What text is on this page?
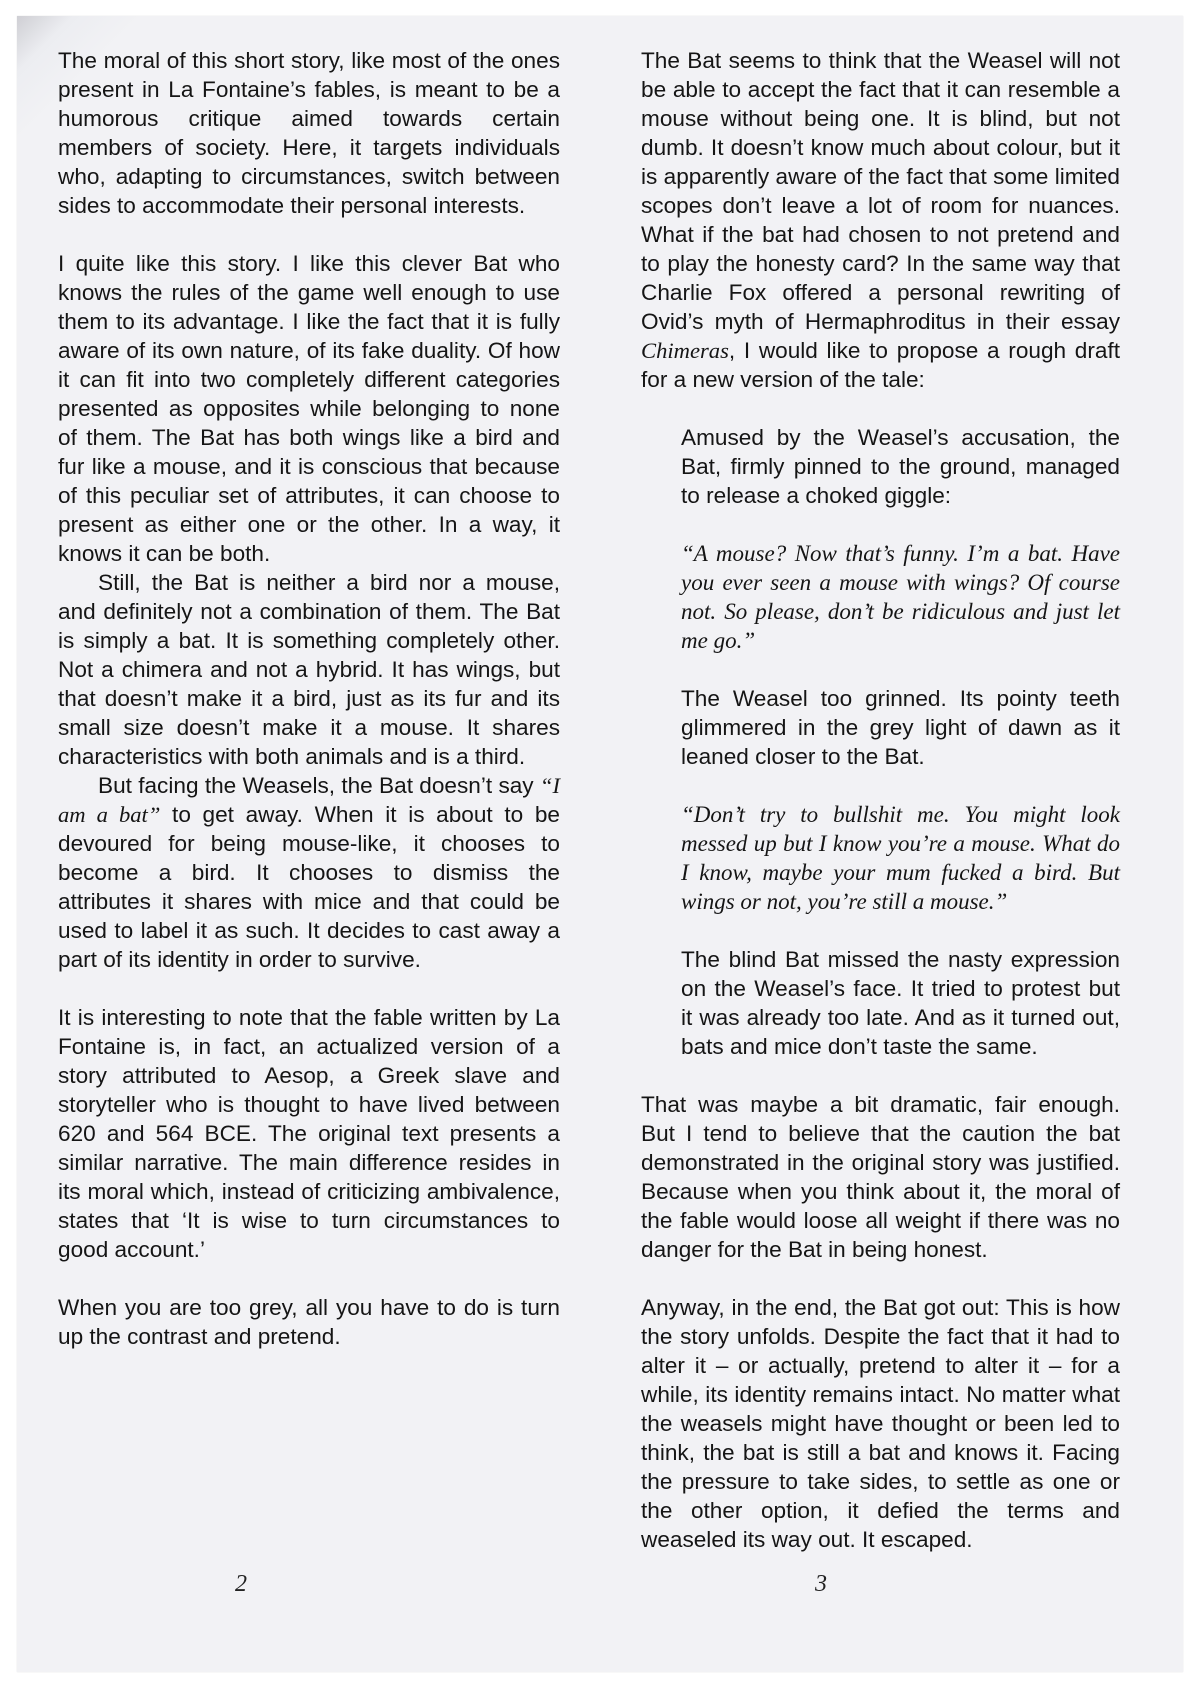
The moral of this short story, like most of the ones present in La Fontaine’s fables, is meant to be a humorous critique aimed towards certain members of society. Here, it targets individuals who, adapting to circumstances, switch between sides to accommodate their personal interests.

I quite like this story. I like this clever Bat who knows the rules of the game well enough to use them to its advantage. I like the fact that it is fully aware of its own nature, of its fake duality. Of how it can fit into two completely different categories presented as opposites while belonging to none of them. The Bat has both wings like a bird and fur like a mouse, and it is conscious that because of this peculiar set of attributes, it can choose to present as either one or the other. In a way, it knows it can be both.

Still, the Bat is neither a bird nor a mouse, and definitely not a combination of them. The Bat is simply a bat. It is something completely other. Not a chimera and not a hybrid. It has wings, but that doesn’t make it a bird, just as its fur and its small size doesn’t make it a mouse. It shares characteristics with both animals and is a third.

But facing the Weasels, the Bat doesn’t say “I am a bat” to get away. When it is about to be devoured for being mouse-like, it chooses to become a bird. It chooses to dismiss the attributes it shares with mice and that could be used to label it as such. It decides to cast away a part of its identity in order to survive.

It is interesting to note that the fable written by La Fontaine is, in fact, an actualized version of a story attributed to Aesop, a Greek slave and storyteller who is thought to have lived between 620 and 564 BCE. The original text presents a similar narrative. The main difference resides in its moral which, instead of criticizing ambivalence, states that ‘It is wise to turn circumstances to good account.’

When you are too grey, all you have to do is turn up the contrast and pretend.

The Bat seems to think that the Weasel will not be able to accept the fact that it can resemble a mouse without being one. It is blind, but not dumb. It doesn’t know much about colour, but it is apparently aware of the fact that some limited scopes don’t leave a lot of room for nuances. What if the bat had chosen to not pretend and to play the honesty card? In the same way that Charlie Fox offered a personal rewriting of Ovid’s myth of Hermaphroditus in their essay Chimeras, I would like to propose a rough draft for a new version of the tale:

Amused by the Weasel’s accusation, the Bat, firmly pinned to the ground, managed to release a choked giggle:

“A mouse? Now that’s funny. I’m a bat. Have you ever seen a mouse with wings? Of course not. So please, don’t be ridiculous and just let me go.”

The Weasel too grinned. Its pointy teeth glimmered in the grey light of dawn as it leaned closer to the Bat.

“Don’t try to bullshit me. You might look messed up but I know you’re a mouse. What do I know, maybe your mum fucked a bird. But wings or not, you’re still a mouse.”

The blind Bat missed the nasty expression on the Weasel’s face. It tried to protest but it was already too late. And as it turned out, bats and mice don’t taste the same.

That was maybe a bit dramatic, fair enough. But I tend to believe that the caution the bat demonstrated in the original story was justified. Because when you think about it, the moral of the fable would loose all weight if there was no danger for the Bat in being honest.

Anyway, in the end, the Bat got out: This is how the story unfolds. Despite the fact that it had to alter it – or actually, pretend to alter it – for a while, its identity remains intact. No matter what the weasels might have thought or been led to think, the bat is still a bat and knows it. Facing the pressure to take sides, to settle as one or the other option, it defied the terms and weaseled its way out. It escaped.

2	3
